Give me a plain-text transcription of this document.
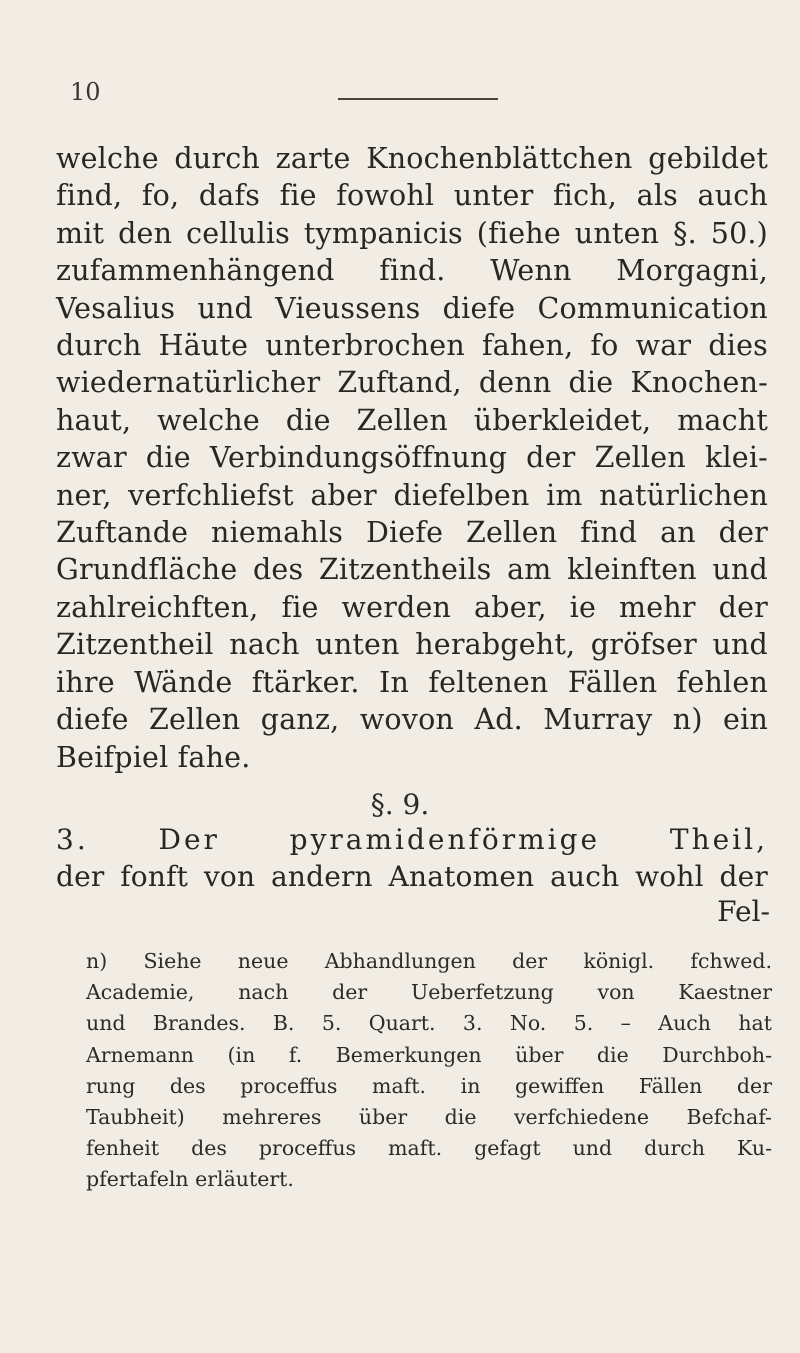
10
welche durch zarte Knochenblättchen gebildet
find, fo, dafs fie fowohl unter fich, als auch
mit den cellulis tympanicis (fiehe unten §. 50.)
zufammenhängend find. Wenn Morgagni,
Vesalius und Vieussens diefe Communication
durch Häute unterbrochen fahen, fo war dies
wiedernatürlicher Zuftand, denn die Knochen-
haut, welche die Zellen überkleidet, macht
zwar die Verbindungsöffnung der Zellen klei-
ner, verfchliefst aber diefelben im natürlichen
Zuftande niemahls Diefe Zellen find an der
Grundfläche des Zitzentheils am kleinften und
zahlreichften, fie werden aber, ie mehr der
Zitzentheil nach unten herabgeht, gröfser und
ihre Wände ftärker. In feltenen Fällen fehlen
diefe Zellen ganz, wovon Ad. Murray n) ein
Beifpiel fahe.
§. 9.
3. Der pyramidenförmige Theil,
der fonft von andern Anatomen auch wohl der
Fel-
n) Siehe neue Abhandlungen der königl. fchwed.
Academie, nach der Ueberfetzung von Kaestner
und Brandes. B. 5. Quart. 3. No. 5. – Auch hat
Arnemann (in f. Bemerkungen über die Durchboh-
rung des proceffus maft. in gewiffen Fällen der
Taubheit) mehreres über die verfchiedene Befchaf-
fenheit des proceffus maft. gefagt und durch Ku-
pfertafeln erläutert.
